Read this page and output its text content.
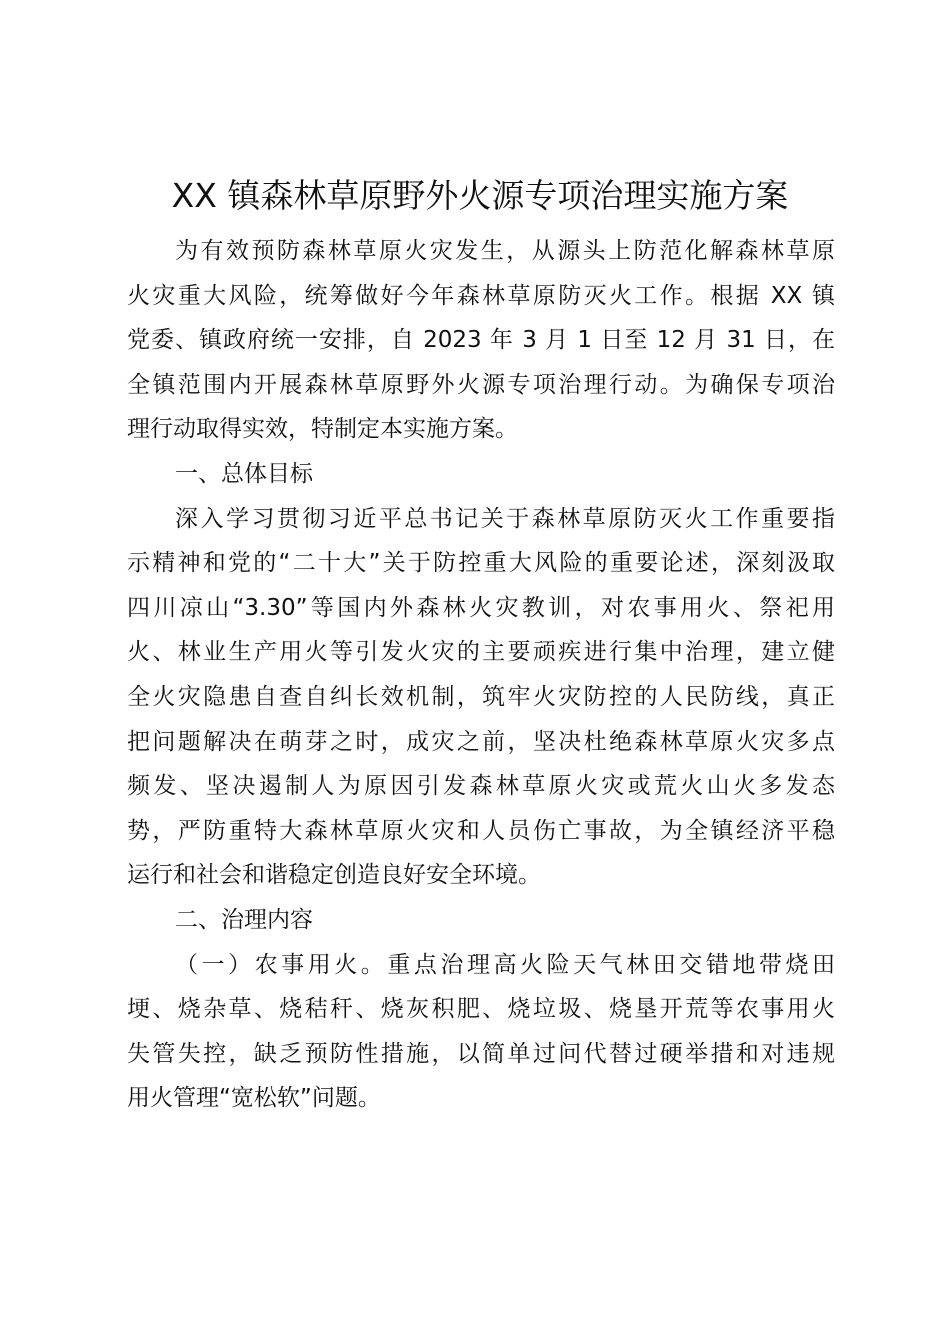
XX 镇森林草原野外火源专项治理实施方案
为有效预防森林草原火灾发生，从源头上防范化解森林草原
火灾重大风险，统筹做好今年森林草原防灭火工作。根据 XX 镇
党委、镇政府统一安排，自 2023 年 3 月 1 日至 12 月 31 日，在
全镇范围内开展森林草原野外火源专项治理行动。为确保专项治
理行动取得实效，特制定本实施方案。
一、总体目标
深入学习贯彻习近平总书记关于森林草原防灭火工作重要指
示精神和党的“二十大”关于防控重大风险的重要论述，深刻汲取
四川凉山“3.30”等国内外森林火灾教训，对农事用火、祭祀用
火、林业生产用火等引发火灾的主要顽疾进行集中治理，建立健
全火灾隐患自查自纠长效机制，筑牢火灾防控的人民防线，真正
把问题解决在萌芽之时，成灾之前，坚决杜绝森林草原火灾多点
频发、坚决遏制人为原因引发森林草原火灾或荒火山火多发态
势，严防重特大森林草原火灾和人员伤亡事故，为全镇经济平稳
运行和社会和谐稳定创造良好安全环境。
二、治理内容
（一）农事用火。重点治理高火险天气林田交错地带烧田
埂、烧杂草、烧秸秆、烧灰积肥、烧垃圾、烧垦开荒等农事用火
失管失控，缺乏预防性措施，以简单过问代替过硬举措和对违规
用火管理“宽松软”问题。
